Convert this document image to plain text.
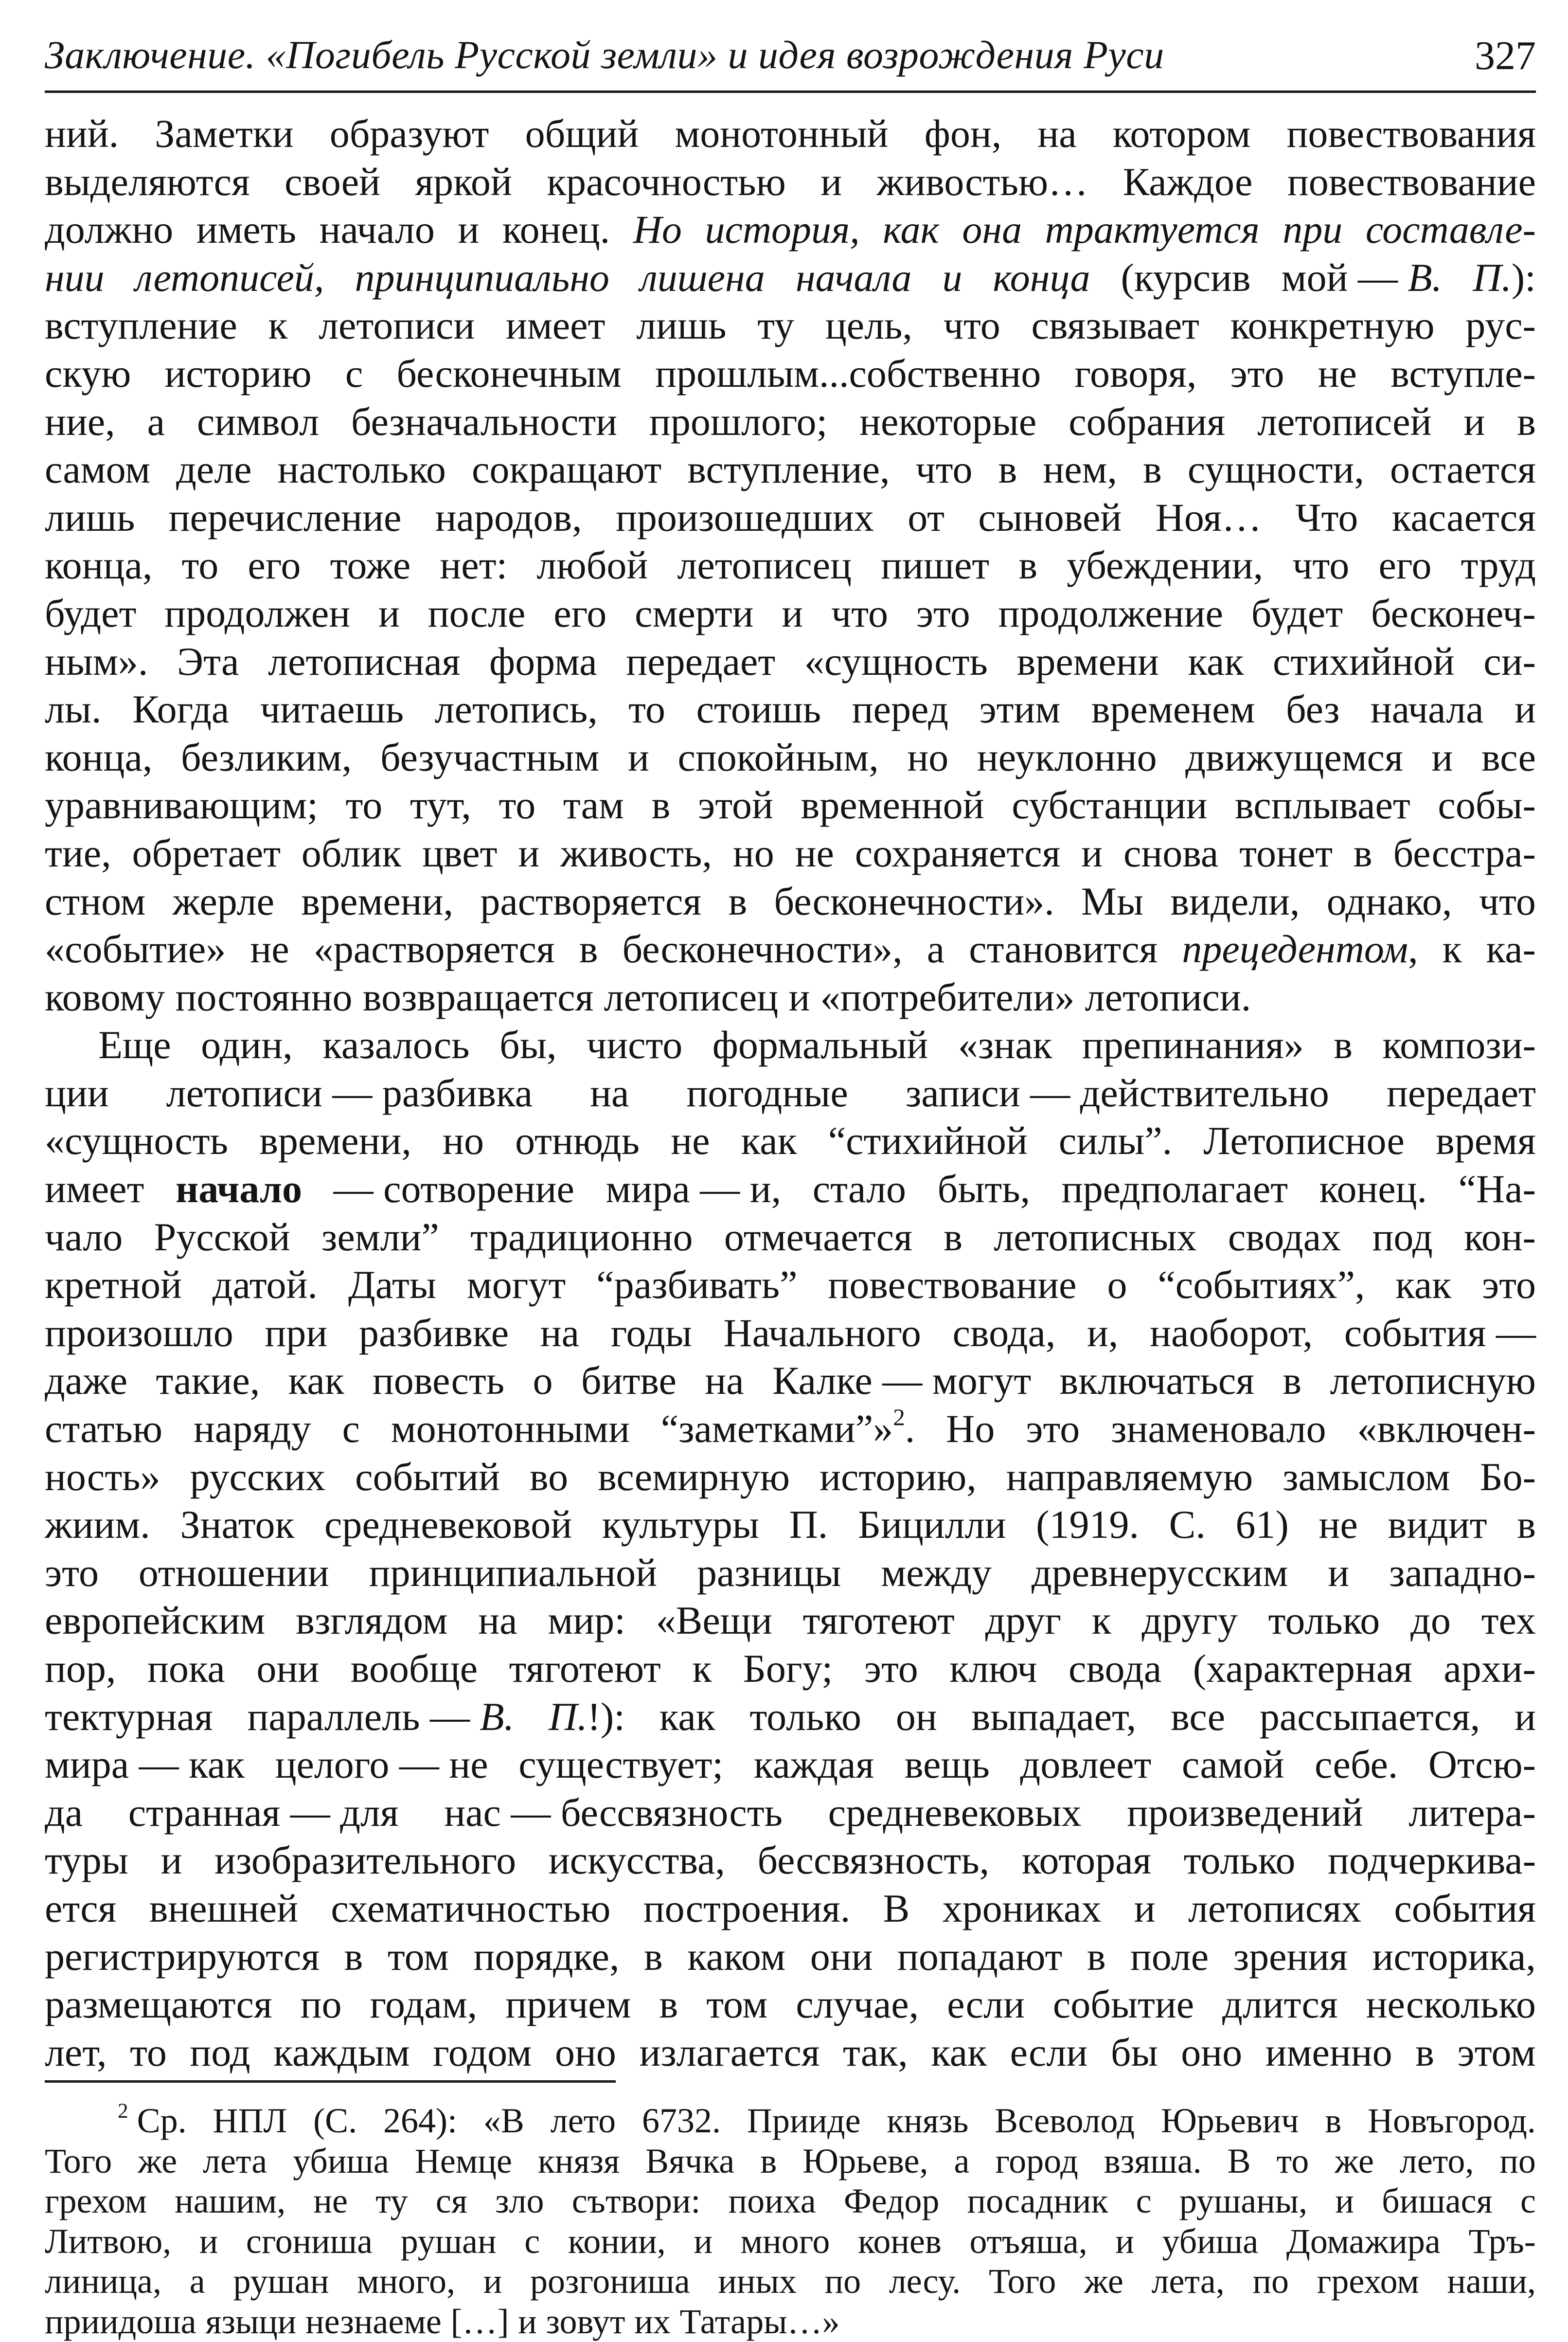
Заключение. «Погибель Русской земли» и идея возрождения Руси	327
ний. Заметки образуют общий монотонный фон, на котором повествования
выделяются своей яркой красочностью и живостью… Каждое повествование
должно иметь начало и конец. Но история, как она трактуется при составле-
нии летописей, принципиально лишена начала и конца (курсив мой — В. П.):
вступление к летописи имеет лишь ту цель, что связывает конкретную рус-
скую историю с бесконечным прошлым...собственно говоря, это не вступле-
ние, а символ безначальности прошлого; некоторые собрания летописей и в
самом деле настолько сокращают вступление, что в нем, в сущности, остается
лишь перечисление народов, произошедших от сыновей Ноя… Что касается
конца, то его тоже нет: любой летописец пишет в убеждении, что его труд
будет продолжен и после его смерти и что это продолжение будет бесконеч-
ным». Эта летописная форма передает «сущность времени как стихийной си-
лы. Когда читаешь летопись, то стоишь перед этим временем без начала и
конца, безликим, безучастным и спокойным, но неуклонно движущемся и все
уравнивающим; то тут, то там в этой временной субстанции всплывает собы-
тие, обретает облик цвет и живость, но не сохраняется и снова тонет в бесстра-
стном жерле времени, растворяется в бесконечности». Мы видели, однако, что
«событие» не «растворяется в бесконечности», а становится прецедентом, к ка-
ковому постоянно возвращается летописец и «потребители» летописи.
Еще один, казалось бы, чисто формальный «знак препинания» в компози-
ции летописи — разбивка на погодные записи — действительно передает
«сущность времени, но отнюдь не как “стихийной силы”. Летописное время
имеет начало — сотворение мира — и, стало быть, предполагает конец. “На-
чало Русской земли” традиционно отмечается в летописных сводах под кон-
кретной датой. Даты могут “разбивать” повествование о “событиях”, как это
произошло при разбивке на годы Начального свода, и, наоборот, события —
даже такие, как повесть о битве на Калке — могут включаться в летописную
статью наряду с монотонными “заметками”»$^2$. Но это знаменовало «включен-
ность» русских событий во всемирную историю, направляемую замыслом Бо-
жиим. Знаток средневековой культуры П. Бицилли (1919. С. 61) не видит в
это отношении принципиальной разницы между древнерусским и западно-
европейским взглядом на мир: «Вещи тяготеют друг к другу только до тех
пор, пока они вообще тяготеют к Богу; это ключ свода (характерная архи-
тектурная параллель — В. П.!): как только он выпадает, все рассыпается, и
мира — как целого — не существует; каждая вещь довлеет самой себе. Отсю-
да странная — для нас — бессвязность средневековых произведений литера-
туры и изобразительного искусства, бессвязность, которая только подчеркива-
ется внешней схематичностью построения. В хрониках и летописях события
регистрируются в том порядке, в каком они попадают в поле зрения историка,
размещаются по годам, причем в том случае, если событие длится несколько
лет, то под каждым годом оно излагается так, как если бы оно именно в этом
$^2$ Ср. НПЛ (С. 264): «В лето 6732. Прииде князь Всеволод Юрьевич в Новъгород.
Того же лета убиша Немце князя Вячка в Юрьеве, а город взяша. В то же лето, по
грехом нашим, не ту ся зло сътвори: поиха Федор посадник с рушаны, и бишася с
Литвою, и сгониша рушан с конии, и много конев отъяша, и убиша Домажира Тръ-
линица, а рушан много, и розгониша иных по лесу. Того же лета, по грехом наши,
приидоша языци незнаеме […] и зовут их Татары…»
